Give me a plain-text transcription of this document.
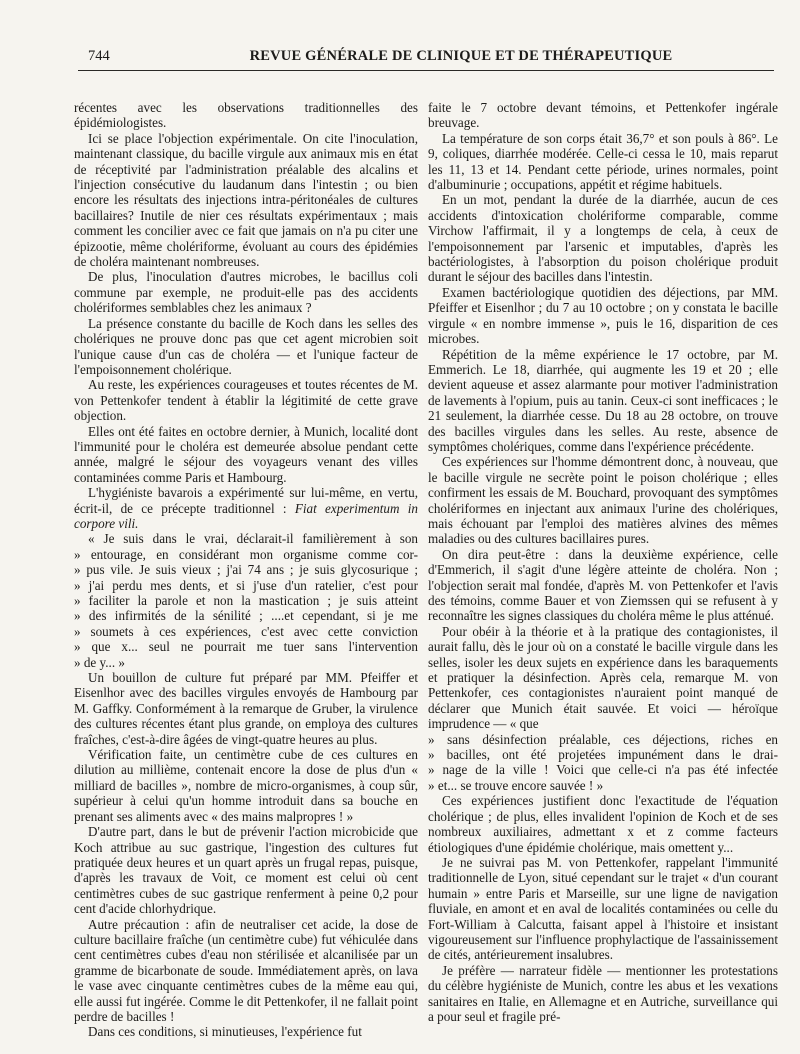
744	REVUE GÉNÉRALE DE CLINIQUE ET DE THÉRAPEUTIQUE

récentes avec les observations traditionnelles des épidémiologistes.

Ici se place l'objection expérimentale. On cite l'inoculation, maintenant classique, du bacille virgule aux animaux mis en état de réceptivité par l'administration préalable des alcalins et l'injection consécutive du laudanum dans l'intestin ; ou bien encore les résultats des injections intra-péritonéales de cultures bacillaires? Inutile de nier ces résultats expérimentaux ; mais comment les concilier avec ce fait que jamais on n'a pu citer une épizootie, même cholériforme, évoluant au cours des épidémies de choléra maintenant nombreuses.

De plus, l'inoculation d'autres microbes, le bacillus coli commune par exemple, ne produit-elle pas des accidents cholériformes semblables chez les animaux ?

La présence constante du bacille de Koch dans les selles des cholériques ne prouve donc pas que cet agent microbien soit l'unique cause d'un cas de choléra — et l'unique facteur de l'empoisonnement cholérique.

Au reste, les expériences courageuses et toutes récentes de M. von Pettenkofer tendent à établir la légitimité de cette grave objection.

Elles ont été faites en octobre dernier, à Munich, localité dont l'immunité pour le choléra est demeurée absolue pendant cette année, malgré le séjour des voyageurs venant des villes contaminées comme Paris et Hambourg.

L'hygiéniste bavarois a expérimenté sur lui-même, en vertu, écrit-il, de ce précepte traditionnel : Fiat experimentum in corpore vili.

« Je suis dans le vrai, déclarait-il familièrement à son
» entourage, en considérant mon organisme comme cor-
» pus vile. Je suis vieux ; j'ai 74 ans ; je suis glycosurique ;
» j'ai perdu mes dents, et si j'use d'un ratelier, c'est pour
» faciliter la parole et non la mastication ; je suis atteint
» des infirmités de la sénilité ; ....et cependant, si je me
» soumets à ces expériences, c'est avec cette conviction
» que x... seul ne pourrait me tuer sans l'intervention
» de y... »

Un bouillon de culture fut préparé par MM. Pfeiffer et Eisenlhor avec des bacilles virgules envoyés de Hambourg par M. Gaffky. Conformément à la remarque de Gruber, la virulence des cultures récentes étant plus grande, on employa des cultures fraîches, c'est-à-dire âgées de vingt-quatre heures au plus.

Vérification faite, un centimètre cube de ces cultures en dilution au millième, contenait encore la dose de plus d'un « milliard de bacilles », nombre de micro-organismes, à coup sûr, supérieur à celui qu'un homme introduit dans sa bouche en prenant ses aliments avec « des mains malpropres ! »

D'autre part, dans le but de prévenir l'action microbicide que Koch attribue au suc gastrique, l'ingestion des cultures fut pratiquée deux heures et un quart après un frugal repas, puisque, d'après les travaux de Voit, ce moment est celui où cent centimètres cubes de suc gastrique renferment à peine 0,2 pour cent d'acide chlorhydrique.

Autre précaution : afin de neutraliser cet acide, la dose de culture bacillaire fraîche (un centimètre cube) fut véhiculée dans cent centimètres cubes d'eau non stérilisée et alcanilisée par un gramme de bicarbonate de soude. Immédiatement après, on lava le vase avec cinquante centimètres cubes de la même eau qui, elle aussi fut ingérée. Comme le dit Pettenkofer, il ne fallait point perdre de bacilles !

Dans ces conditions, si minutieuses, l'expérience fut

faite le 7 octobre devant témoins, et Pettenkofer ingérale breuvage.

La température de son corps était 36,7° et son pouls à 86°. Le 9, coliques, diarrhée modérée. Celle-ci cessa le 10, mais reparut les 11, 13 et 14. Pendant cette période, urines normales, point d'albuminurie ; occupations, appétit et régime habituels.

En un mot, pendant la durée de la diarrhée, aucun de ces accidents d'intoxication cholériforme comparable, comme Virchow l'affirmait, il y a longtemps de cela, à ceux de l'empoisonnement par l'arsenic et imputables, d'après les bactériologistes, à l'absorption du poison cholérique produit durant le séjour des bacilles dans l'intestin.

Examen bactériologique quotidien des déjections, par MM. Pfeiffer et Eisenlhor ; du 7 au 10 octobre ; on y constata le bacille virgule « en nombre immense », puis le 16, disparition de ces microbes.

Répétition de la même expérience le 17 octobre, par M. Emmerich. Le 18, diarrhée, qui augmente les 19 et 20 ; elle devient aqueuse et assez alarmante pour motiver l'administration de lavements à l'opium, puis au tanin. Ceux-ci sont inefficaces ; le 21 seulement, la diarrhée cesse. Du 18 au 28 octobre, on trouve des bacilles virgules dans les selles. Au reste, absence de symptômes cholériques, comme dans l'expérience précédente.

Ces expériences sur l'homme démontrent donc, à nouveau, que le bacille virgule ne secrète point le poison cholérique ; elles confirment les essais de M. Bouchard, provoquant des symptômes cholériformes en injectant aux animaux l'urine des cholériques, mais échouant par l'emploi des matières alvines des mêmes maladies ou des cultures bacillaires pures.

On dira peut-être : dans la deuxième expérience, celle d'Emmerich, il s'agit d'une légère atteinte de choléra. Non ; l'objection serait mal fondée, d'après M. von Pettenkofer et l'avis des témoins, comme Bauer et von Ziemssen qui se refusent à y reconnaître les signes classiques du choléra même le plus atténué.

Pour obéir à la théorie et à la pratique des contagionistes, il aurait fallu, dès le jour où on a constaté le bacille virgule dans les selles, isoler les deux sujets en expérience dans les baraquements et pratiquer la désinfection. Après cela, remarque M. von Pettenkofer, ces contagionistes n'auraient point manqué de déclarer que Munich était sauvée. Et voici — héroïque imprudence — « que

» sans désinfection préalable, ces déjections, riches en
» bacilles, ont été projetées impunément dans le drai-
» nage de la ville ! Voici que celle-ci n'a pas été infectée
» et... se trouve encore sauvée ! »

Ces expériences justifient donc l'exactitude de l'équation cholérique ; de plus, elles invalident l'opinion de Koch et de ses nombreux auxiliaires, admettant x et z comme facteurs étiologiques d'une épidémie cholérique, mais omettent y...

Je ne suivrai pas M. von Pettenkofer, rappelant l'immunité traditionnelle de Lyon, situé cependant sur le trajet « d'un courant humain » entre Paris et Marseille, sur une ligne de navigation fluviale, en amont et en aval de localités contaminées ou celle du Fort-William à Calcutta, faisant appel à l'histoire et insistant vigoureusement sur l'influence prophylactique de l'assainissement de cités, antérieurement insalubres.

Je préfère — narrateur fidèle — mentionner les protestations du célèbre hygiéniste de Munich, contre les abus et les vexations sanitaires en Italie, en Allemagne et en Autriche, surveillance qui a pour seul et fragile pré-
